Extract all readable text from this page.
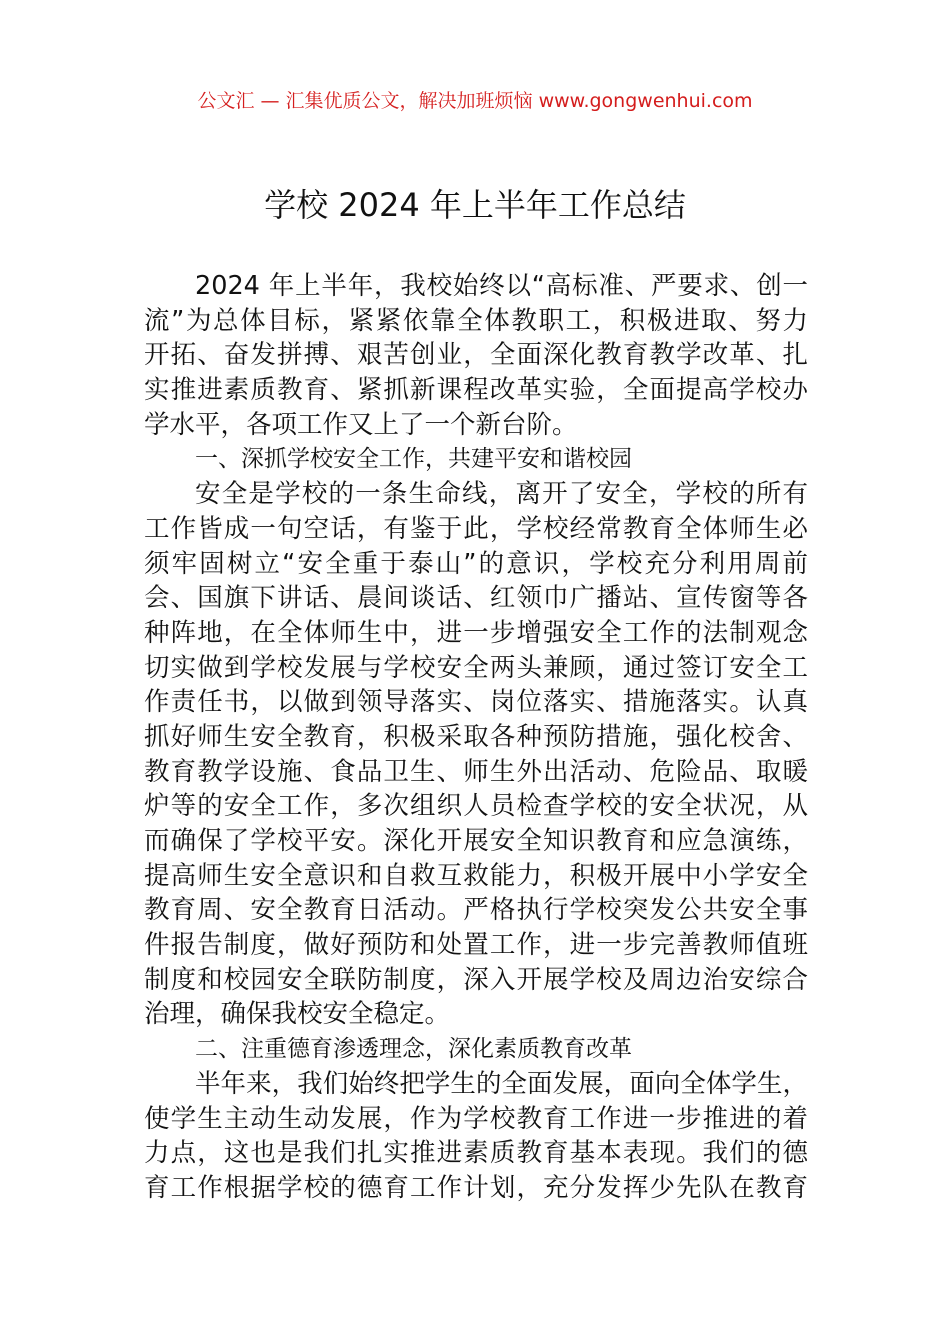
公文汇 — 汇集优质公文，解决加班烦恼 www.gongwenhui.com
学校 2024 年上半年工作总结
2024 年上半年，我校始终以“高标准、严要求、创一
流”为总体目标，紧紧依靠全体教职工，积极进取、努力
开拓、奋发拼搏、艰苦创业，全面深化教育教学改革、扎
实推进素质教育、紧抓新课程改革实验，全面提高学校办
学水平，各项工作又上了一个新台阶。
一、深抓学校安全工作，共建平安和谐校园
安全是学校的一条生命线，离开了安全，学校的所有
工作皆成一句空话，有鉴于此，学校经常教育全体师生必
须牢固树立“安全重于泰山”的意识，学校充分利用周前
会、国旗下讲话、晨间谈话、红领巾广播站、宣传窗等各
种阵地，在全体师生中，进一步增强安全工作的法制观念
切实做到学校发展与学校安全两头兼顾，通过签订安全工
作责任书，以做到领导落实、岗位落实、措施落实。认真
抓好师生安全教育，积极采取各种预防措施，强化校舍、
教育教学设施、食品卫生、师生外出活动、危险品、取暖
炉等的安全工作，多次组织人员检查学校的安全状况，从
而确保了学校平安。深化开展安全知识教育和应急演练，
提高师生安全意识和自救互救能力，积极开展中小学安全
教育周、安全教育日活动。严格执行学校突发公共安全事
件报告制度，做好预防和处置工作，进一步完善教师值班
制度和校园安全联防制度，深入开展学校及周边治安综合
治理，确保我校安全稳定。
二、注重德育渗透理念，深化素质教育改革
半年来，我们始终把学生的全面发展，面向全体学生，
使学生主动生动发展，作为学校教育工作进一步推进的着
力点，这也是我们扎实推进素质教育基本表现。我们的德
育工作根据学校的德育工作计划，充分发挥少先队在教育
